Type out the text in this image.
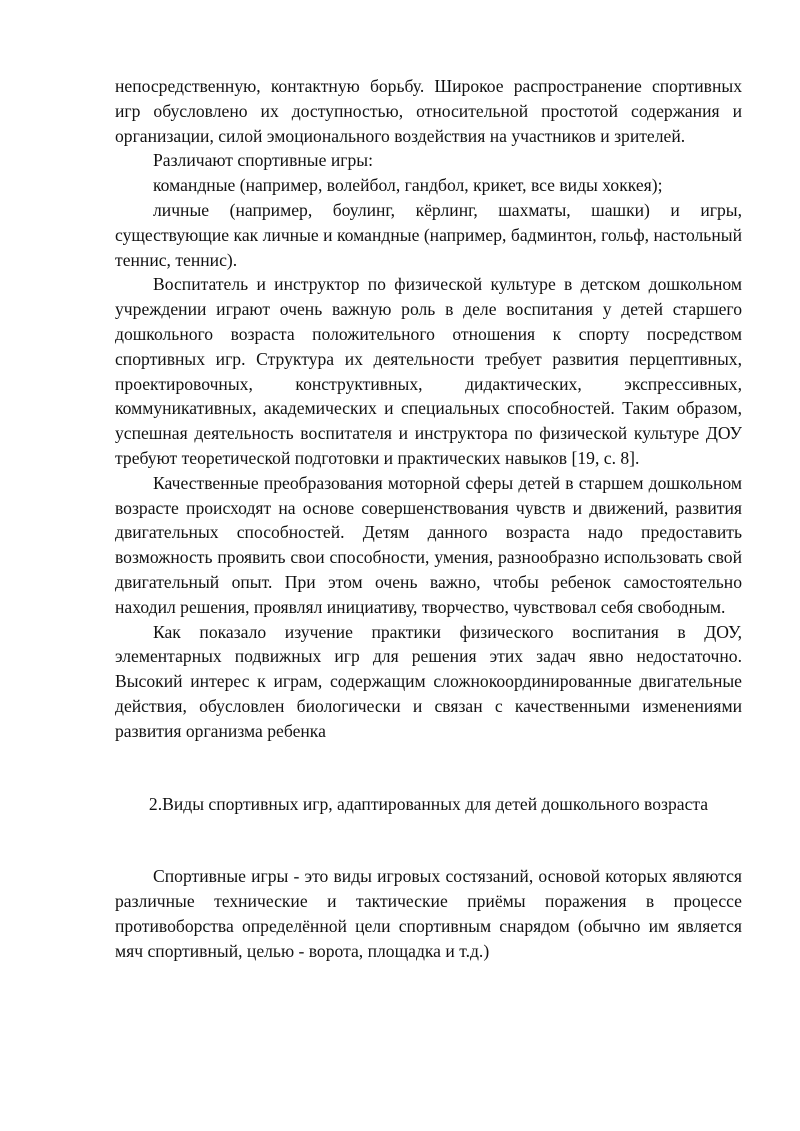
непосредственную, контактную борьбу. Широкое распространение спортивных игр обусловлено их доступностью, относительной простотой содержания и организации, силой эмоционального воздействия на участников и зрителей.

Различают спортивные игры:

командные (например, волейбол, гандбол, крикет, все виды хоккея);

личные (например, боулинг, кёрлинг, шахматы, шашки) и игры, существующие как личные и командные (например, бадминтон, гольф, настольный теннис, теннис).

Воспитатель и инструктор по физической культуре в детском дошкольном учреждении играют очень важную роль в деле воспитания у детей старшего дошкольного возраста положительного отношения к спорту посредством спортивных игр. Структура их деятельности требует развития перцептивных, проектировочных, конструктивных, дидактических, экспрессивных, коммуникативных, академических и специальных способностей. Таким образом, успешная деятельность воспитателя и инструктора по физической культуре ДОУ требуют теоретической подготовки и практических навыков [19, с. 8].

Качественные преобразования моторной сферы детей в старшем дошкольном возрасте происходят на основе совершенствования чувств и движений, развития двигательных способностей. Детям данного возраста надо предоставить возможность проявить свои способности, умения, разнообразно использовать свой двигательный опыт. При этом очень важно, чтобы ребенок самостоятельно находил решения, проявлял инициативу, творчество, чувствовал себя свободным.

Как показало изучение практики физического воспитания в ДОУ, элементарных подвижных игр для решения этих задач явно недостаточно. Высокий интерес к играм, содержащим сложнокоординированные двигательные действия, обусловлен биологически и связан с качественными изменениями развития организма ребенка

2.Виды спортивных игр, адаптированных для детей дошкольного возраста

Спортивные игры - это виды игровых состязаний, основой которых являются различные технические и тактические приёмы поражения в процессе противоборства определённой цели спортивным снарядом (обычно им является мяч спортивный, целью - ворота, площадка и т.д.)
